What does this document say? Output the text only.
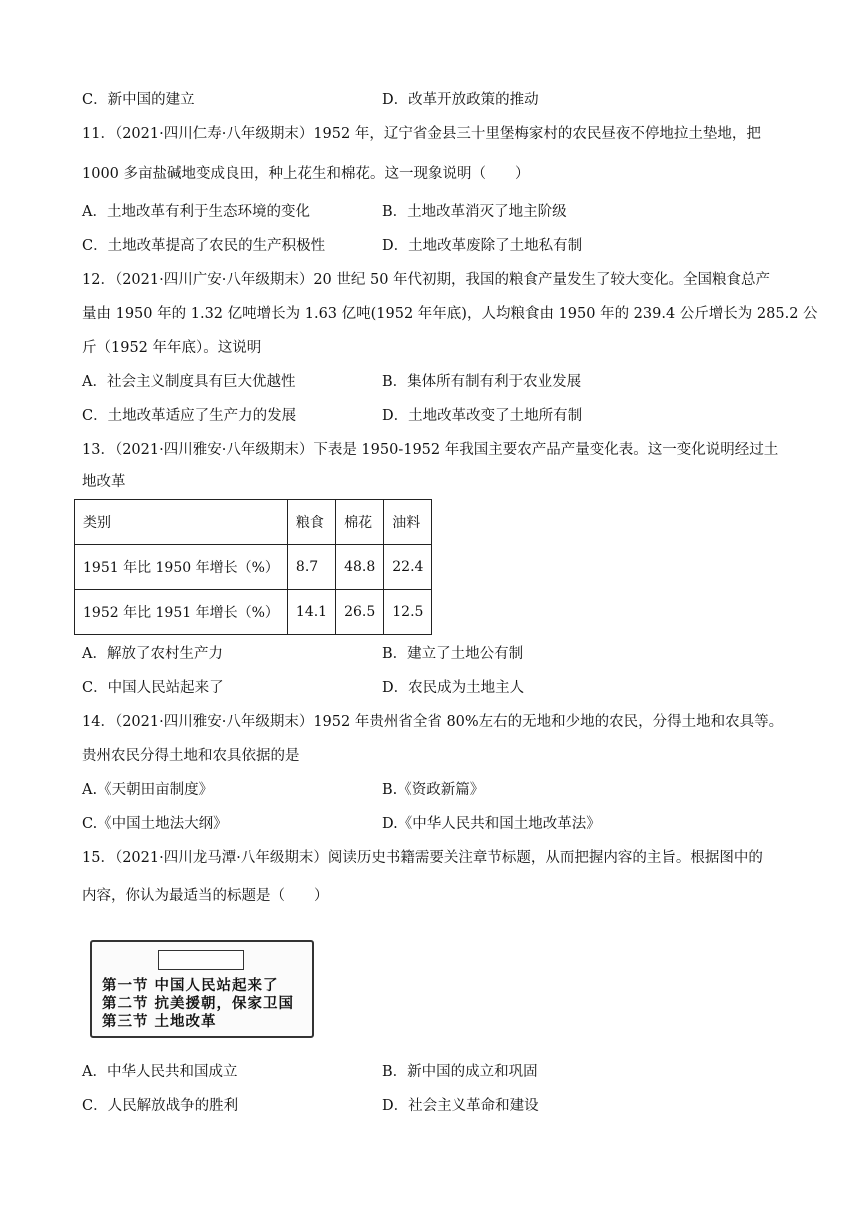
C．新中国的建立	D．改革开放政策的推动
11．（2021·四川仁寿·八年级期末）1952 年，辽宁省金县三十里堡梅家村的农民昼夜不停地拉土垫地，把
1000 多亩盐碱地变成良田，种上花生和棉花。这一现象说明（　　）
A．土地改革有利于生态环境的变化	B．土地改革消灭了地主阶级
C．土地改革提高了农民的生产积极性	D．土地改革废除了土地私有制
12．（2021·四川广安·八年级期末）20 世纪 50 年代初期，我国的粮食产量发生了较大变化。全国粮食总产
量由 1950 年的 1.32 亿吨增长为 1.63 亿吨(1952 年年底)，人均粮食由 1950 年的 239.4 公斤增长为 285.2 公
斤（1952 年年底）。这说明
A．社会主义制度具有巨大优越性	B．集体所有制有利于农业发展
C．土地改革适应了生产力的发展	D．土地改革改变了土地所有制
13．（2021·四川雅安·八年级期末）下表是 1950-1952 年我国主要农产品产量变化表。这一变化说明经过土
地改革
类别	粮食	棉花	油料
1951 年比 1950 年增长（%）	8.7	48.8	22.4
1952 年比 1951 年增长（%）	14.1	26.5	12.5
A．解放了农村生产力	B．建立了土地公有制
C．中国人民站起来了	D．农民成为土地主人
14．（2021·四川雅安·八年级期末）1952 年贵州省全省 80%左右的无地和少地的农民，分得土地和农具等。
贵州农民分得土地和农具依据的是
A.《天朝田亩制度》	B.《资政新篇》
C.《中国土地法大纲》	D.《中华人民共和国土地改革法》
15．（2021·四川龙马潭·八年级期末）阅读历史书籍需要关注章节标题，从而把握内容的主旨。根据图中的
内容，你认为最适当的标题是（　　）
第一节 中国人民站起来了
第二节 抗美援朝，保家卫国
第三节 土地改革
A．中华人民共和国成立	B．新中国的成立和巩固
C．人民解放战争的胜利	D．社会主义革命和建设
